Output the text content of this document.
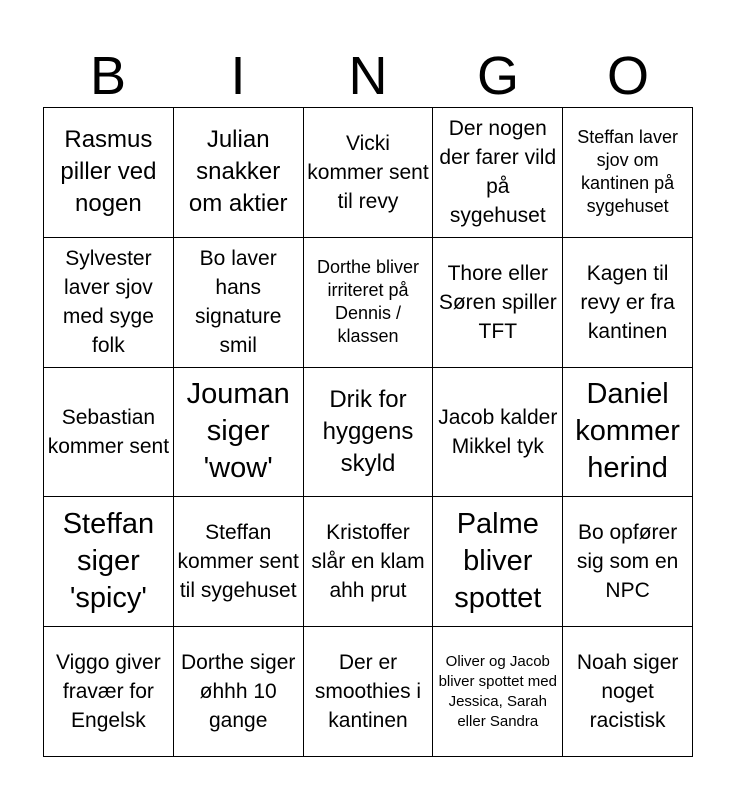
B	I	N	G	O
Rasmus piller ved nogen
Julian snakker om aktier
Vicki kommer sent til revy
Der nogen der farer vild på sygehuset
Steffan laver sjov om kantinen på sygehuset
Sylvester laver sjov med syge folk
Bo laver hans signature smil
Dorthe bliver irriteret på Dennis / klassen
Thore eller Søren spiller TFT
Kagen til revy er fra kantinen
Sebastian kommer sent
Jouman siger 'wow'
Drik for hyggens skyld
Jacob kalder Mikkel tyk
Daniel kommer herind
Steffan siger 'spicy'
Steffan kommer sent til sygehuset
Kristoffer slår en klam ahh prut
Palme bliver spottet
Bo opfører sig som en NPC
Viggo giver fravær for Engelsk
Dorthe siger øhhh 10 gange
Der er smoothies i kantinen
Oliver og Jacob bliver spottet med Jessica, Sarah eller Sandra
Noah siger noget racistisk
